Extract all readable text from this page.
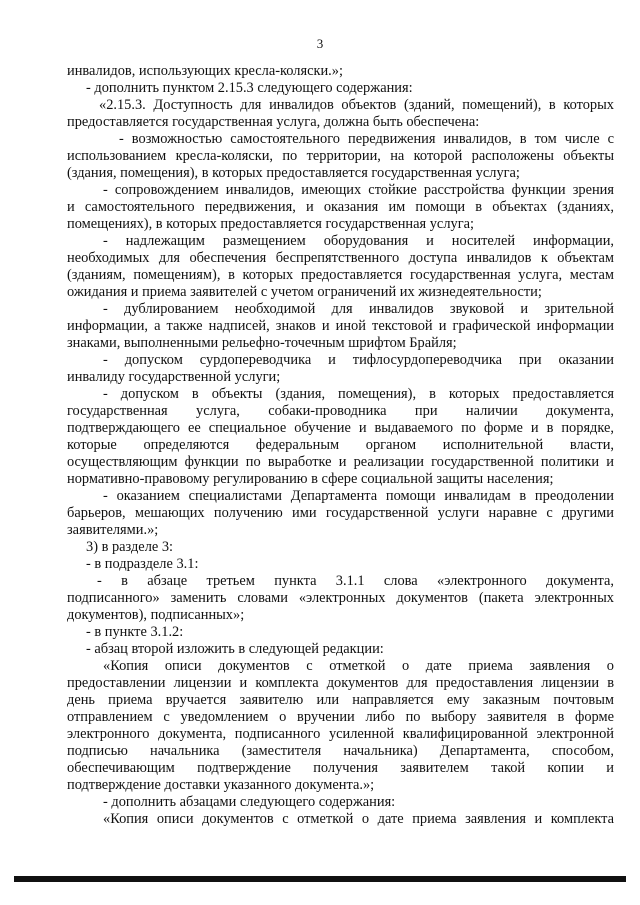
3
инвалидов, использующих кресла-коляски.»;
- дополнить пунктом 2.15.3 следующего содержания:
«2.15.3. Доступность для инвалидов объектов (зданий, помещений), в которых
предоставляется государственная услуга, должна быть обеспечена:
- возможностью самостоятельного передвижения инвалидов, в том числе с
использованием кресла-коляски, по территории, на которой расположены объекты
(здания, помещения), в которых предоставляется государственная услуга;
- сопровождением инвалидов, имеющих стойкие расстройства функции зрения
и самостоятельного передвижения, и оказания им помощи в объектах (зданиях,
помещениях), в которых предоставляется государственная услуга;
- надлежащим размещением оборудования и носителей информации,
необходимых для обеспечения беспрепятственного доступа инвалидов к объектам
(зданиям, помещениям), в которых предоставляется государственная услуга, местам
ожидания и приема заявителей с учетом ограничений их жизнедеятельности;
- дублированием необходимой для инвалидов звуковой и зрительной
информации, а также надписей, знаков и иной текстовой и графической информации
знаками, выполненными рельефно-точечным шрифтом Брайля;
- допуском сурдопереводчика и тифлосурдопереводчика при оказании
инвалиду государственной услуги;
- допуском в объекты (здания, помещения), в которых предоставляется
государственная услуга, собаки-проводника при наличии документа,
подтверждающего ее специальное обучение и выдаваемого по форме и в порядке,
которые определяются федеральным органом исполнительной власти,
осуществляющим функции по выработке и реализации государственной политики и
нормативно-правовому регулированию в сфере социальной защиты населения;
- оказанием специалистами Департамента помощи инвалидам в преодолении
барьеров, мешающих получению ими государственной услуги наравне с другими
заявителями.»;
3) в разделе 3:
- в подразделе 3.1:
- в абзаце третьем пункта 3.1.1 слова «электронного документа,
подписанного» заменить словами «электронных документов (пакета электронных
документов), подписанных»;
- в пункте 3.1.2:
- абзац второй изложить в следующей редакции:
«Копия описи документов с отметкой о дате приема заявления о
предоставлении лицензии и комплекта документов для предоставления лицензии в
день приема вручается заявителю или направляется ему заказным почтовым
отправлением с уведомлением о вручении либо по выбору заявителя в форме
электронного документа, подписанного усиленной квалифицированной электронной
подписью начальника (заместителя начальника) Департамента, способом,
обеспечивающим подтверждение получения заявителем такой копии и
подтверждение доставки указанного документа.»;
- дополнить абзацами следующего содержания:
«Копия описи документов с отметкой о дате приема заявления и комплекта
